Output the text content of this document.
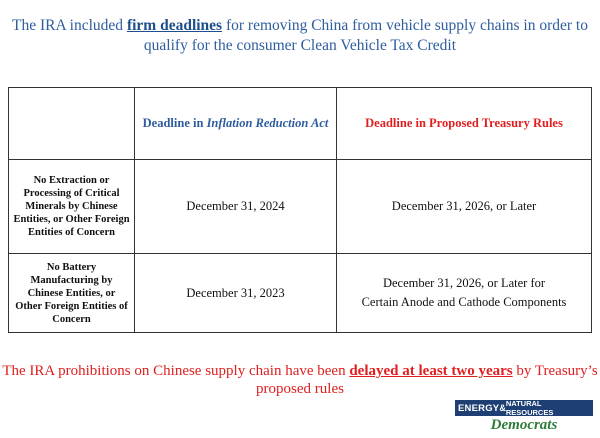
The IRA included firm deadlines for removing China from vehicle supply chains in order to qualify for the consumer Clean Vehicle Tax Credit
	Deadline in Inflation Reduction Act	Deadline in Proposed Treasury Rules
No Extraction or Processing of Critical Minerals by Chinese Entities, or Other Foreign Entities of Concern	December 31, 2024	December 31, 2026, or Later
No Battery Manufacturing by Chinese Entities, or Other Foreign Entities of Concern	December 31, 2023	December 31, 2026, or Later for
Certain Anode and Cathode Components
The IRA prohibitions on Chinese supply chain have been delayed at least two years by Treasury’s proposed rules
ENERGY & NATURAL RESOURCES
Democrats
